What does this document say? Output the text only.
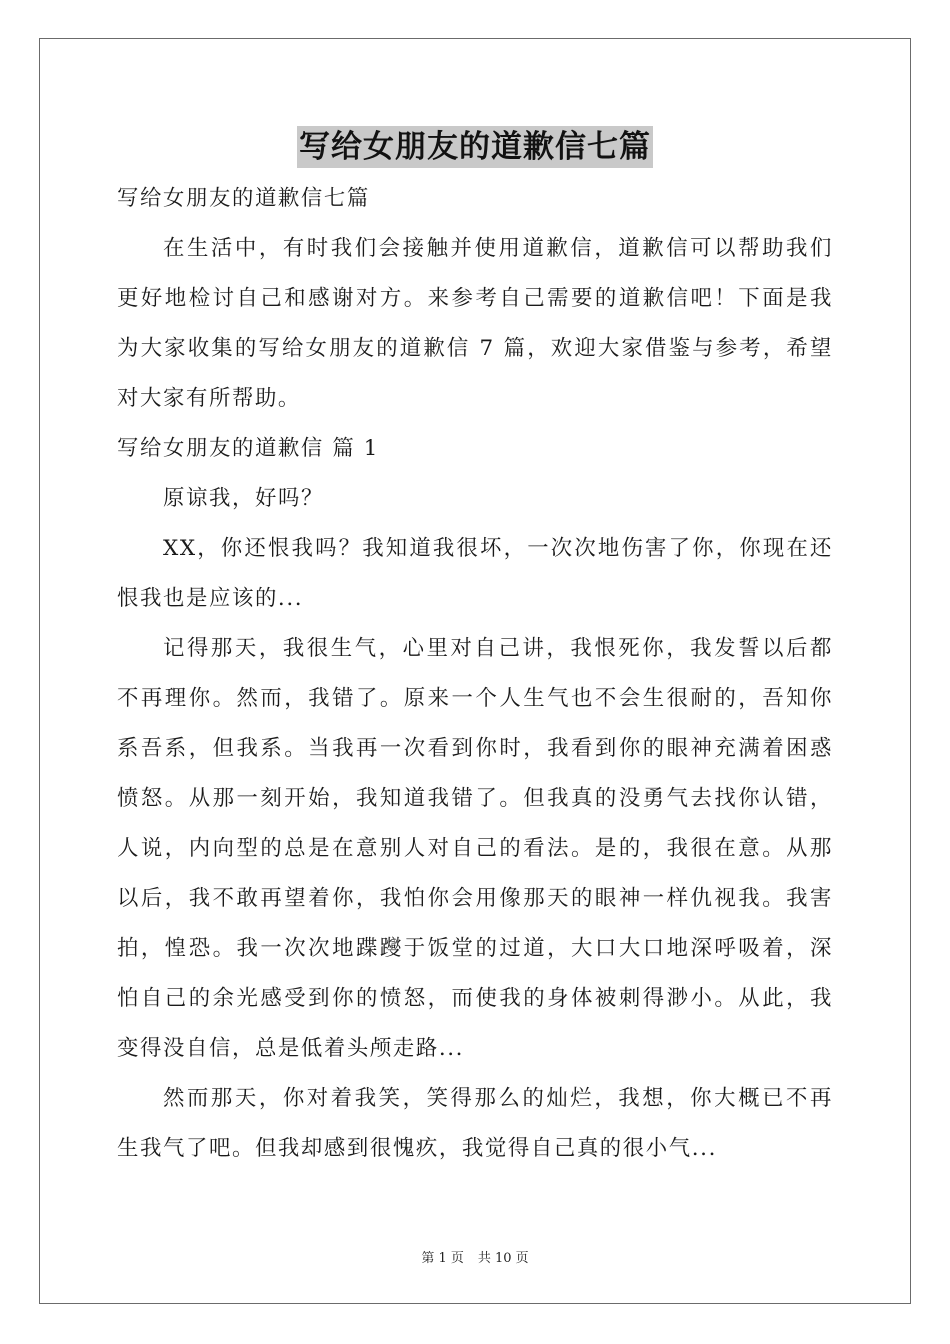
写给女朋友的道歉信七篇
写给女朋友的道歉信七篇
在生活中，有时我们会接触并使用道歉信，道歉信可以帮助我们
更好地检讨自己和感谢对方。来参考自己需要的道歉信吧！下面是我
为大家收集的写给女朋友的道歉信 7 篇，欢迎大家借鉴与参考，希望
对大家有所帮助。
写给女朋友的道歉信 篇 1
原谅我，好吗？
XX，你还恨我吗？我知道我很坏，一次次地伤害了你，你现在还
恨我也是应该的...
记得那天，我很生气，心里对自己讲，我恨死你，我发誓以后都
不再理你。然而，我错了。原来一个人生气也不会生很耐的，吾知你
系吾系，但我系。当我再一次看到你时，我看到你的眼神充满着困惑
愤怒。从那一刻开始，我知道我错了。但我真的没勇气去找你认错，
人说，内向型的总是在意别人对自己的看法。是的，我很在意。从那
以后，我不敢再望着你，我怕你会用像那天的眼神一样仇视我。我害
拍，惶恐。我一次次地蹀躞于饭堂的过道，大口大口地深呼吸着，深
怕自己的余光感受到你的愤怒，而使我的身体被刺得渺小。从此，我
变得没自信，总是低着头颅走路...
然而那天，你对着我笑，笑得那么的灿烂，我想，你大概已不再
生我气了吧。但我却感到很愧疚，我觉得自己真的很小气...
第 1 页 共 10 页
